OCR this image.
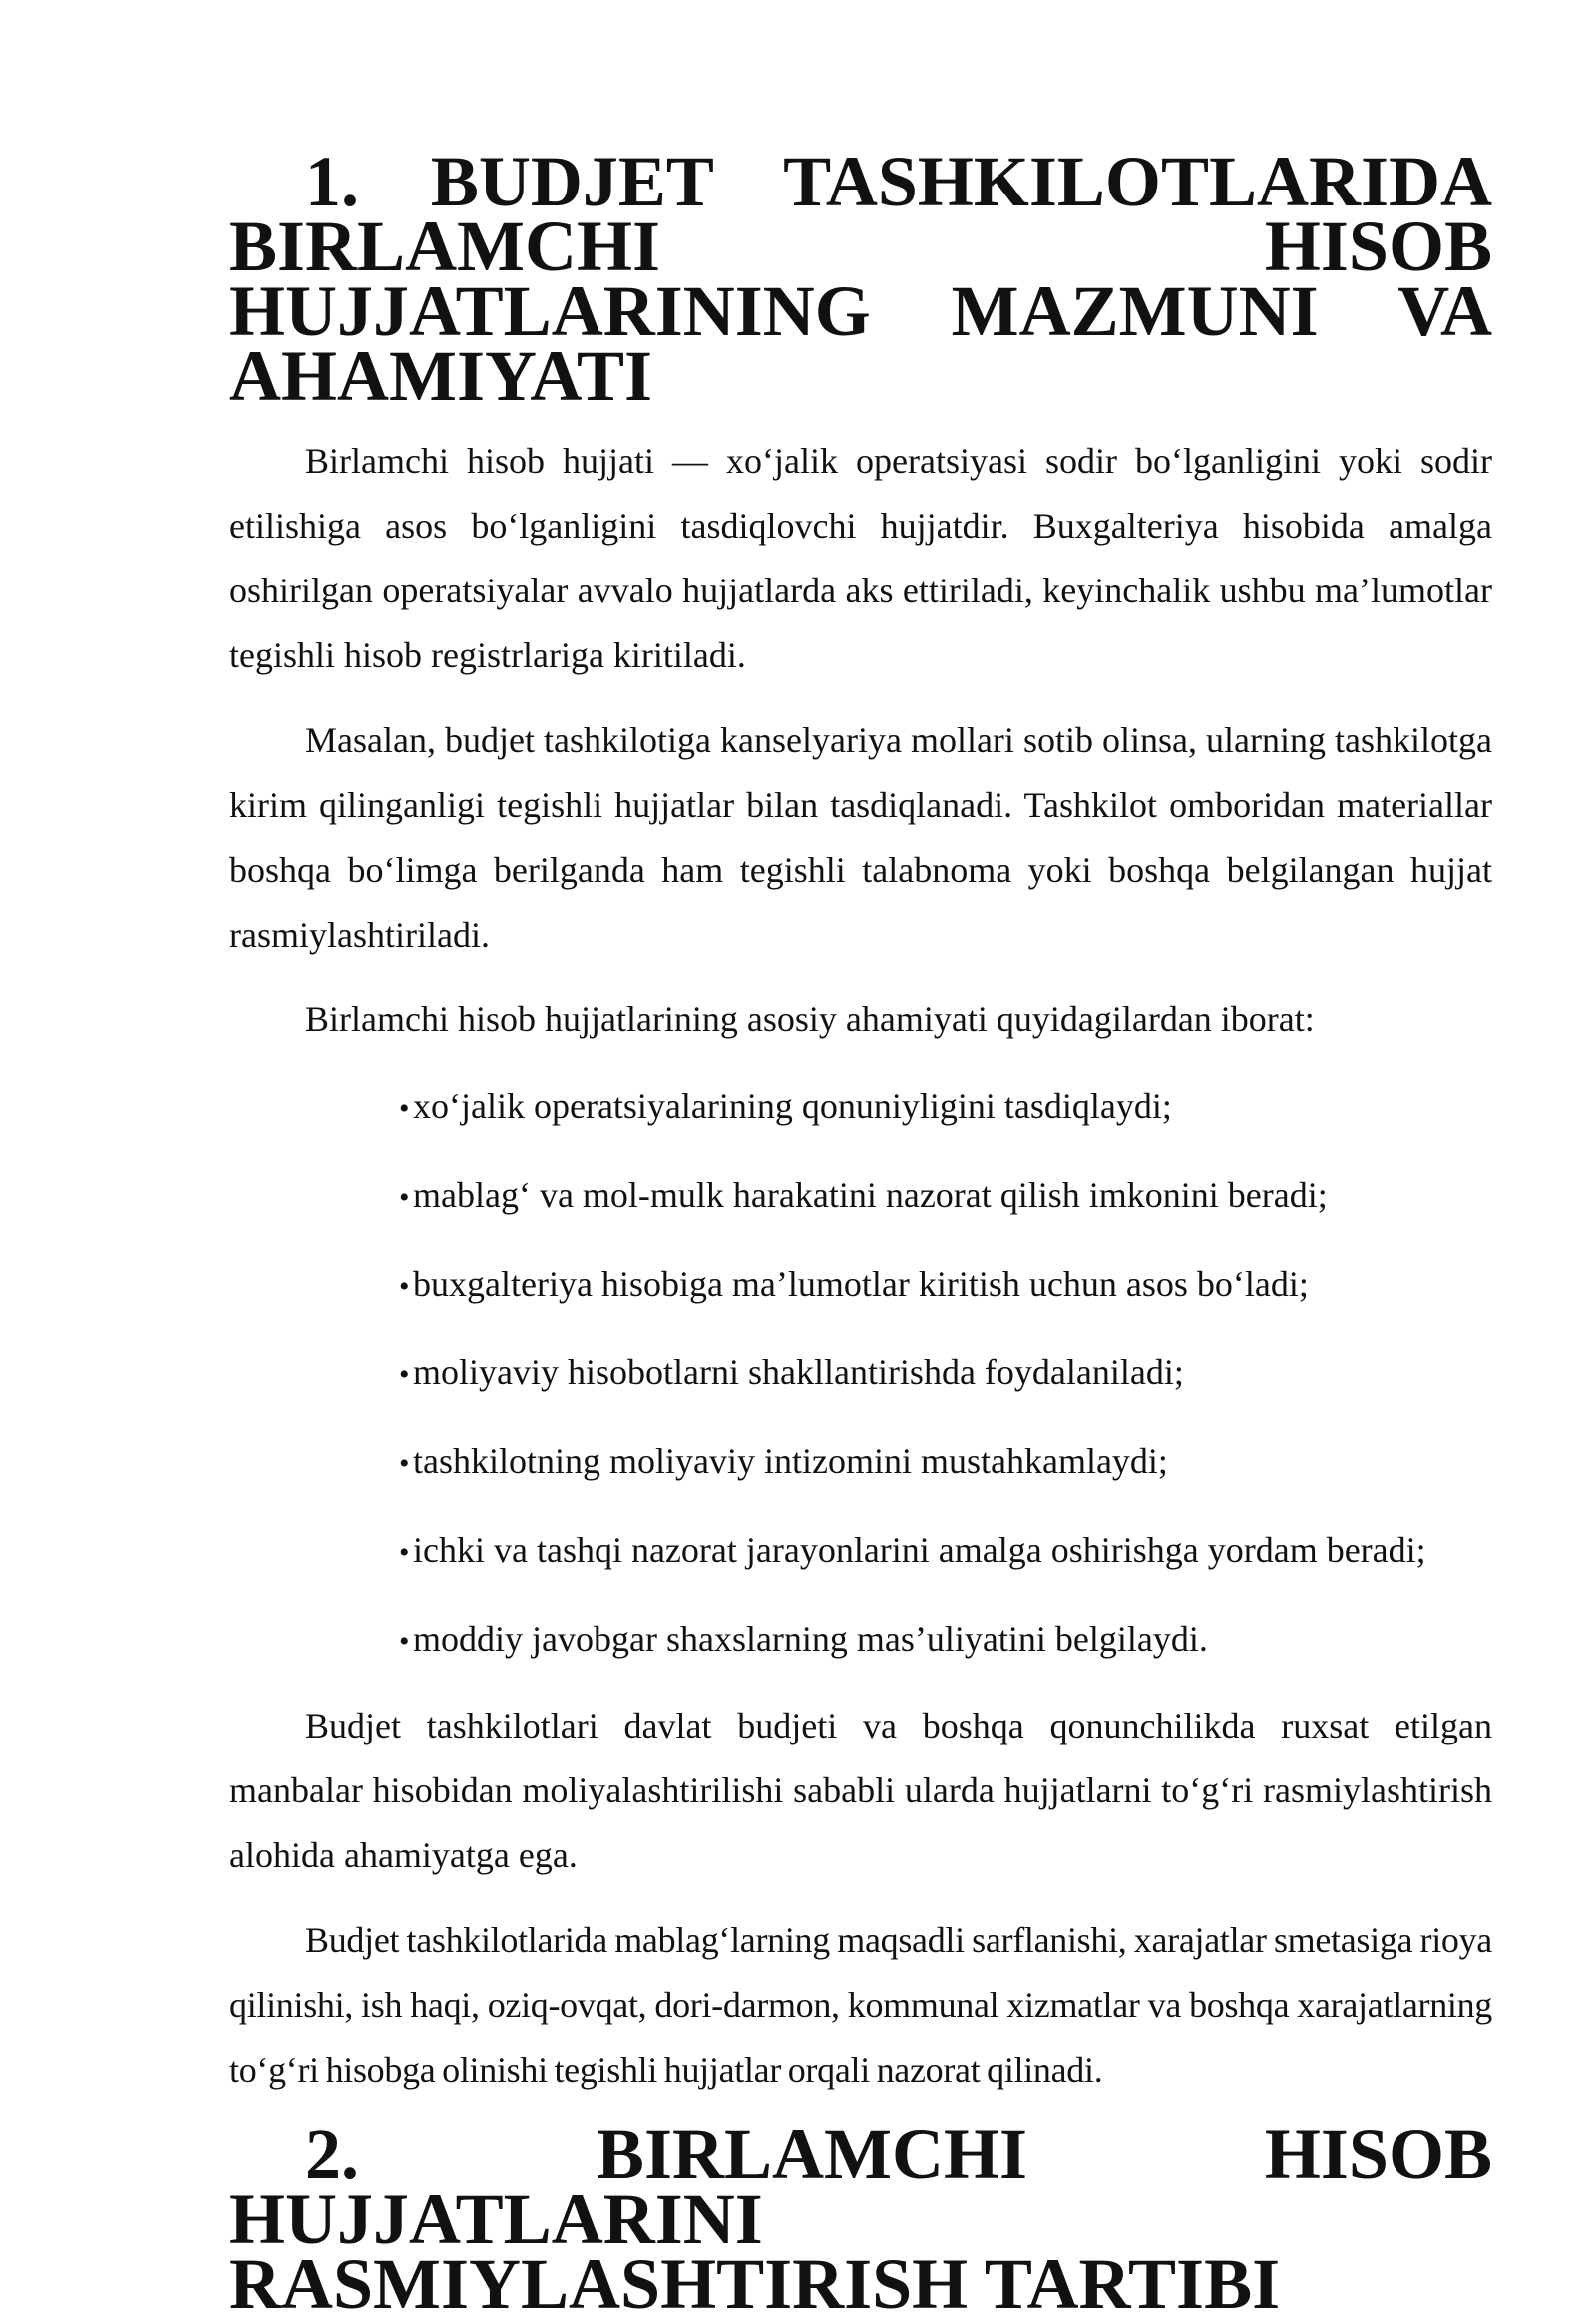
1. BUDJET TASHKILOTLARIDA BIRLAMCHI HISOB HUJJATLARINING MAZMUNI VA AHAMIYATI

Birlamchi hisob hujjati — xo‘jalik operatsiyasi sodir bo‘lganligini yoki sodir etilishiga asos bo‘lganligini tasdiqlovchi hujjatdir. Buxgalteriya hisobida amalga oshirilgan operatsiyalar avvalo hujjatlarda aks ettiriladi, keyinchalik ushbu ma’lumotlar tegishli hisob registrlariga kiritiladi.

Masalan, budjet tashkilotiga kanselyariya mollari sotib olinsa, ularning tashkilotga kirim qilinganligi tegishli hujjatlar bilan tasdiqlanadi. Tashkilot omboridan materiallar boshqa bo‘limga berilganda ham tegishli talabnoma yoki boshqa belgilangan hujjat rasmiylashtiriladi.

Birlamchi hisob hujjatlarining asosiy ahamiyati quyidagilardan iborat:

•xo‘jalik operatsiyalarining qonuniyligini tasdiqlaydi;
•mablag‘ va mol-mulk harakatini nazorat qilish imkonini beradi;
•buxgalteriya hisobiga ma’lumotlar kiritish uchun asos bo‘ladi;
•moliyaviy hisobotlarni shakllantirishda foydalaniladi;
•tashkilotning moliyaviy intizomini mustahkamlaydi;
•ichki va tashqi nazorat jarayonlarini amalga oshirishga yordam beradi;
•moddiy javobgar shaxslarning mas’uliyatini belgilaydi.

Budjet tashkilotlari davlat budjeti va boshqa qonunchilikda ruxsat etilgan manbalar hisobidan moliyalashtirilishi sababli ularda hujjatlarni to‘g‘ri rasmiylashtirish alohida ahamiyatga ega.

Budjet tashkilotlarida mablag‘larning maqsadli sarflanishi, xarajatlar smetasiga rioya qilinishi, ish haqi, oziq-ovqat, dori-darmon, kommunal xizmatlar va boshqa xarajatlarning to‘g‘ri hisobga olinishi tegishli hujjatlar orqali nazorat qilinadi.

2. BIRLAMCHI HISOB HUJJATLARINI RASMIYLASHTIRISH TARTIBI
